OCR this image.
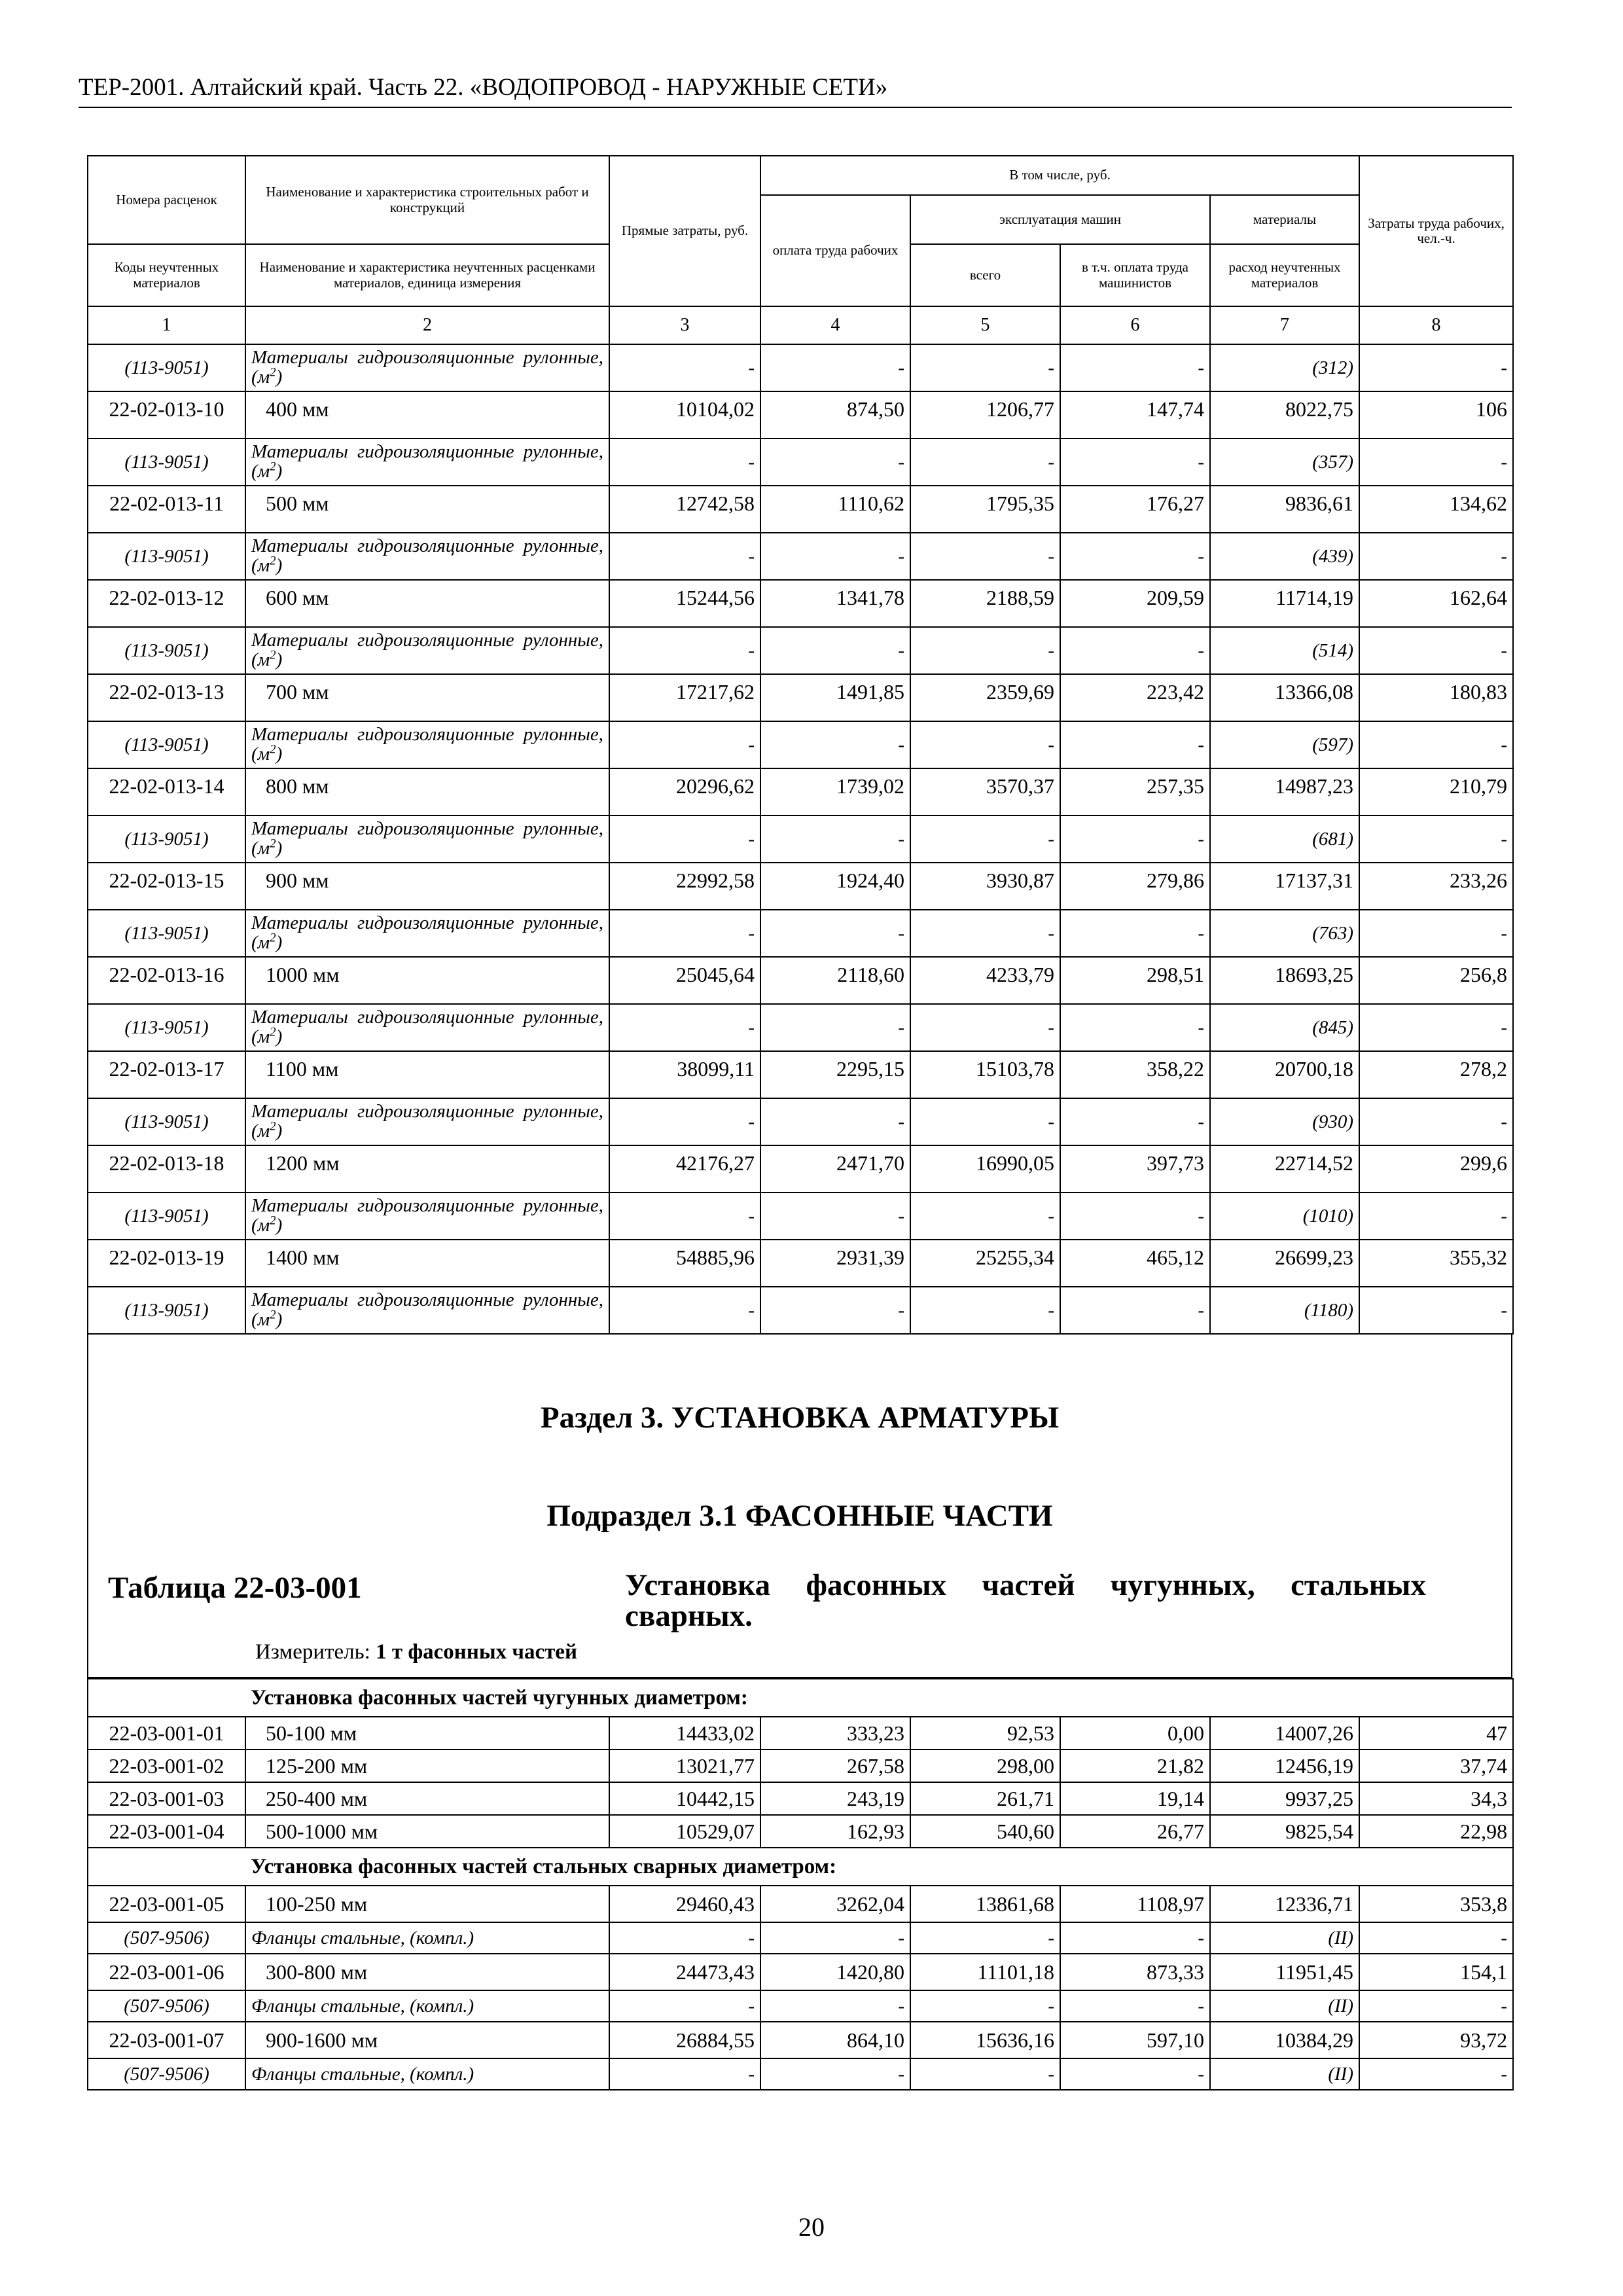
ТЕР-2001. Алтайский край. Часть 22. «ВОДОПРОВОД - НАРУЖНЫЕ СЕТИ»
Номера расценок	Наименование и характеристика строительных работ и конструкций	Прямые затраты, руб.	В том числе, руб.				Затраты труда рабочих, чел.-ч.
			оплата труда рабочих	эксплуатация машин		материалы	
Коды неучтенных материалов	Наименование и характеристика неучтенных расценками материалов, единица измерения			всего	в т.ч. оплата труда машинистов	расход неучтенных материалов	
1	2	3	4	5	6	7	8
(113-9051)	Материалы гидроизоляционные рулонные, $(м^2)$	-	-	-	-	(312)	-
22-02-013-10	400 мм	10104,02	874,50	1206,77	147,74	8022,75	106
(113-9051)	Материалы гидроизоляционные рулонные, $(м^2)$	-	-	-	-	(357)	-
22-02-013-11	500 мм	12742,58	1110,62	1795,35	176,27	9836,61	134,62
(113-9051)	Материалы гидроизоляционные рулонные, $(м^2)$	-	-	-	-	(439)	-
22-02-013-12	600 мм	15244,56	1341,78	2188,59	209,59	11714,19	162,64
(113-9051)	Материалы гидроизоляционные рулонные, $(м^2)$	-	-	-	-	(514)	-
22-02-013-13	700 мм	17217,62	1491,85	2359,69	223,42	13366,08	180,83
(113-9051)	Материалы гидроизоляционные рулонные, $(м^2)$	-	-	-	-	(597)	-
22-02-013-14	800 мм	20296,62	1739,02	3570,37	257,35	14987,23	210,79
(113-9051)	Материалы гидроизоляционные рулонные, $(м^2)$	-	-	-	-	(681)	-
22-02-013-15	900 мм	22992,58	1924,40	3930,87	279,86	17137,31	233,26
(113-9051)	Материалы гидроизоляционные рулонные, $(м^2)$	-	-	-	-	(763)	-
22-02-013-16	1000 мм	25045,64	2118,60	4233,79	298,51	18693,25	256,8
(113-9051)	Материалы гидроизоляционные рулонные, $(м^2)$	-	-	-	-	(845)	-
22-02-013-17	1100 мм	38099,11	2295,15	15103,78	358,22	20700,18	278,2
(113-9051)	Материалы гидроизоляционные рулонные, $(м^2)$	-	-	-	-	(930)	-
22-02-013-18	1200 мм	42176,27	2471,70	16990,05	397,73	22714,52	299,6
(113-9051)	Материалы гидроизоляционные рулонные, $(м^2)$	-	-	-	-	(1010)	-
22-02-013-19	1400 мм	54885,96	2931,39	25255,34	465,12	26699,23	355,32
(113-9051)	Материалы гидроизоляционные рулонные, $(м^2)$	-	-	-	-	(1180)	-
Раздел 3. УСТАНОВКА АРМАТУРЫ
Подраздел 3.1 ФАСОННЫЕ ЧАСТИ
Таблица 22-03-001	Установка фасонных частей чугунных, стальных сварных.
Измеритель: 1 т фасонных частей
	Установка фасонных частей чугунных диаметром:						
22-03-001-01	50-100 мм	14433,02	333,23	92,53	0,00	14007,26	47
22-03-001-02	125-200 мм	13021,77	267,58	298,00	21,82	12456,19	37,74
22-03-001-03	250-400 мм	10442,15	243,19	261,71	19,14	9937,25	34,3
22-03-001-04	500-1000 мм	10529,07	162,93	540,60	26,77	9825,54	22,98
	Установка фасонных частей стальных сварных диаметром:						
22-03-001-05	100-250 мм	29460,43	3262,04	13861,68	1108,97	12336,71	353,8
(507-9506)	Фланцы стальные, (компл.)	-	-	-	-	(II)	-
22-03-001-06	300-800 мм	24473,43	1420,80	11101,18	873,33	11951,45	154,1
(507-9506)	Фланцы стальные, (компл.)	-	-	-	-	(II)	-
22-03-001-07	900-1600 мм	26884,55	864,10	15636,16	597,10	10384,29	93,72
(507-9506)	Фланцы стальные, (компл.)	-	-	-	-	(II)	-
20
